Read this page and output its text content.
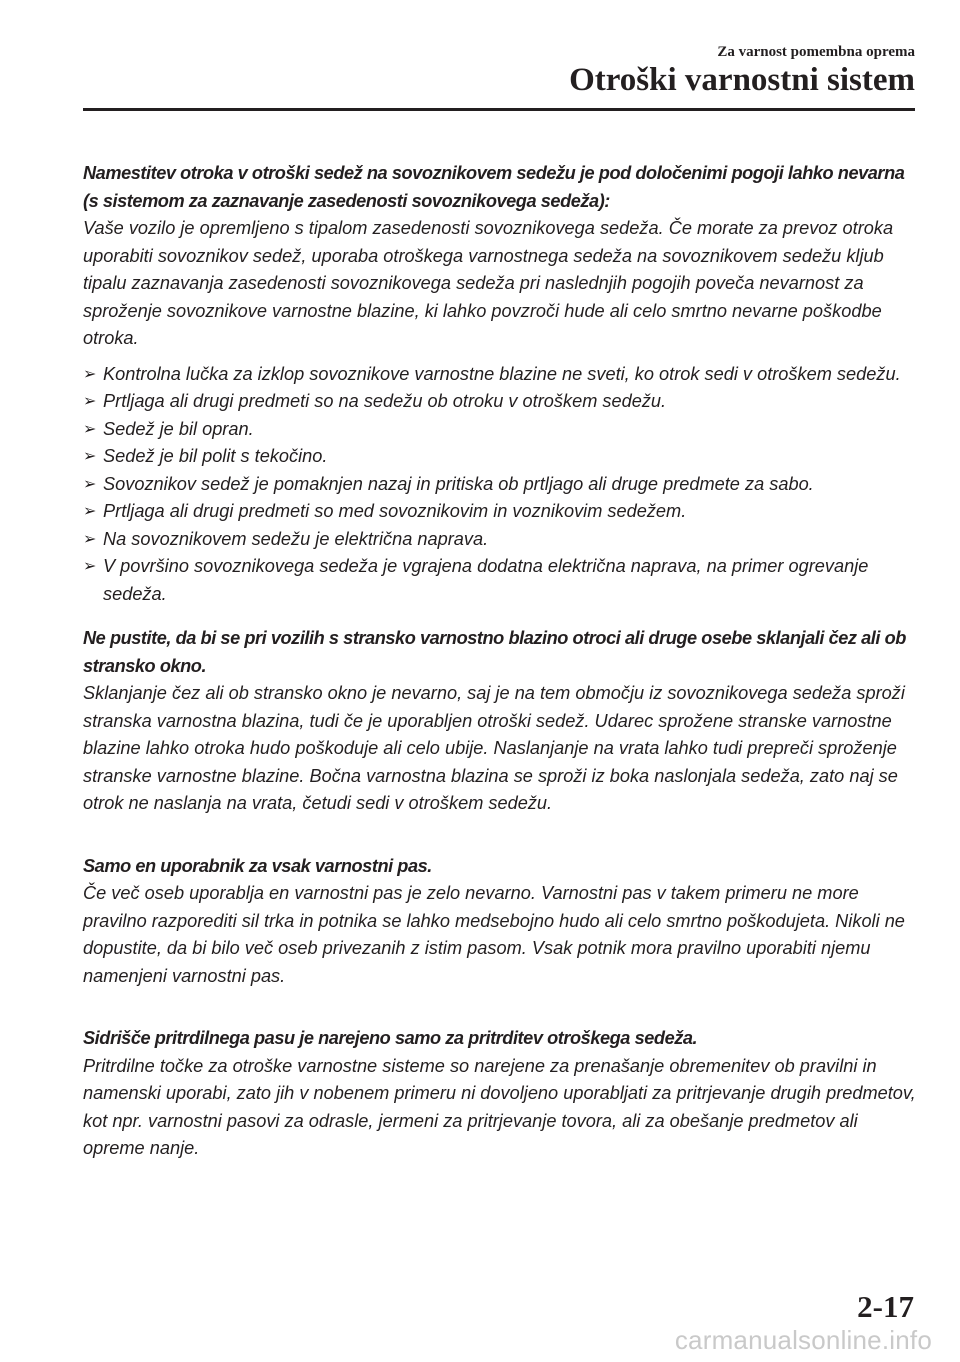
Za varnost pomembna oprema
Otroški varnostni sistem

Namestitev otroka v otroški sedež na sovoznikovem sedežu je pod določenimi pogoji lahko nevarna (s sistemom za zaznavanje zasedenosti sovoznikovega sedeža):

Vaše vozilo je opremljeno s tipalom zasedenosti sovoznikovega sedeža. Če morate za prevoz otroka uporabiti sovoznikov sedež, uporaba otroškega varnostnega sedeža na sovoznikovem sedežu kljub tipalu zaznavanja zasedenosti sovoznikovega sedeža pri naslednjih pogojih poveča nevarnost za sproženje sovoznikove varnostne blazine, ki lahko povzroči hude ali celo smrtno nevarne poškodbe otroka.

➢ Kontrolna lučka za izklop sovoznikove varnostne blazine ne sveti, ko otrok sedi v otroškem sedežu.
➢ Prtljaga ali drugi predmeti so na sedežu ob otroku v otroškem sedežu.
➢ Sedež je bil opran.
➢ Sedež je bil polit s tekočino.
➢ Sovoznikov sedež je pomaknjen nazaj in pritiska ob prtljago ali druge predmete za sabo.
➢ Prtljaga ali drugi predmeti so med sovoznikovim in voznikovim sedežem.
➢ Na sovoznikovem sedežu je električna naprava.
➢ V površino sovoznikovega sedeža je vgrajena dodatna električna naprava, na primer ogrevanje sedeža.

Ne pustite, da bi se pri vozilih s stransko varnostno blazino otroci ali druge osebe sklanjali čez ali ob stransko okno.

Sklanjanje čez ali ob stransko okno je nevarno, saj je na tem območju iz sovoznikovega sedeža sproži stranska varnostna blazina, tudi če je uporabljen otroški sedež. Udarec sprožene stranske varnostne blazine lahko otroka hudo poškoduje ali celo ubije. Naslanjanje na vrata lahko tudi prepreči sproženje stranske varnostne blazine. Bočna varnostna blazina se sproži iz boka naslonjala sedeža, zato naj se otrok ne naslanja na vrata, četudi sedi v otroškem sedežu.

Samo en uporabnik za vsak varnostni pas.

Če več oseb uporablja en varnostni pas je zelo nevarno. Varnostni pas v takem primeru ne more pravilno razporediti sil trka in potnika se lahko medsebojno hudo ali celo smrtno poškodujeta. Nikoli ne dopustite, da bi bilo več oseb privezanih z istim pasom. Vsak potnik mora pravilno uporabiti njemu namenjeni varnostni pas.

Sidrišče pritrdilnega pasu je narejeno samo za pritrditev otroškega sedeža.

Pritrdilne točke za otroške varnostne sisteme so narejene za prenašanje obremenitev ob pravilni in namenski uporabi, zato jih v nobenem primeru ni dovoljeno uporabljati za pritrjevanje drugih predmetov, kot npr. varnostni pasovi za odrasle, jermeni za pritrjevanje tovora, ali za obešanje predmetov ali opreme nanje.

2-17
carmanualsonline.info
